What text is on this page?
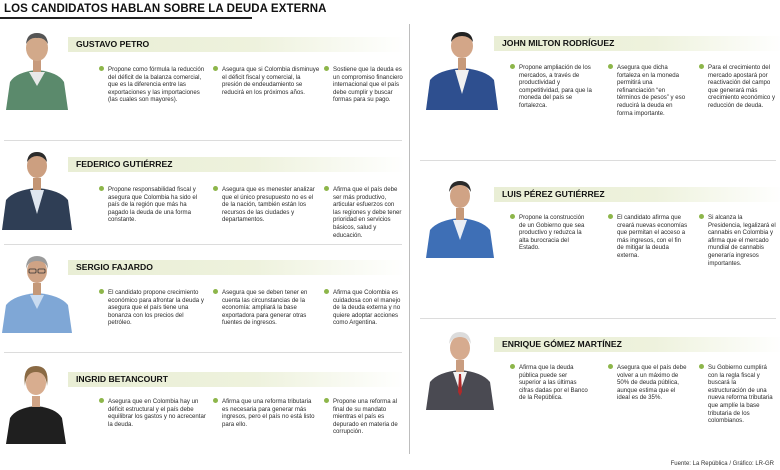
LOS CANDIDATOS HABLAN SOBRE LA DEUDA EXTERNA
GUSTAVO PETRO
Propone como fórmula la reducción del déficit de la balanza comercial, que es la diferencia entre las exportaciones y las importaciones (las cuales son mayores).
Asegura que si Colombia disminuye el déficit fiscal y comercial, la presión de endeudamiento se reducirá en los próximos años.
Sostiene que la deuda es un compromiso financiero internacional que el país debe cumplir y buscar formas para su pago.
FEDERICO GUTIÉRREZ
Propone responsabilidad fiscal y asegura que Colombia ha sido el país de la región que más ha pagado la deuda de una forma constante.
Asegura que es menester analizar que el único presupuesto no es el de la nación, también están los recursos de las ciudades y departamentos.
Afirma que el país debe ser más productivo, articular esfuerzos con las regiones y debe tener prioridad en servicios básicos, salud y educación.
SERGIO FAJARDO
El candidato propone crecimiento económico para afrontar la deuda y asegura que el país tiene una bonanza con los precios del petróleo.
Asegura que se deben tener en cuenta las circunstancias de la economía: ampliará la base exportadora para generar otras fuentes de ingresos.
Afirma que Colombia es cuidadosa con el manejo de la deuda externa y no quiere adoptar acciones como Argentina.
INGRID BETANCOURT
Asegura que en Colombia hay un déficit estructural y el país debe equilibrar los gastos y no acrecentar la deuda.
Afirma que una reforma tributaria es necesaria para generar más ingresos, pero el país no está listo para ello.
Propone una reforma al final de su mandato mientras el país es depurado en materia de corrupción.
JOHN MILTON RODRÍGUEZ
Propone ampliación de los mercados, a través de productividad y competitividad, para que la moneda del país se fortalezca.
Asegura que dicha fortaleza en la moneda permitirá una refinanciación “en términos de pesos” y eso reducirá la deuda en forma importante.
Para el crecimiento del mercado apostará por reactivación del campo que generará más crecimiento económico y reducción de deuda.
LUIS PÉREZ GUTIÉRREZ
Propone la construcción de un Gobierno que sea productivo y reduzca la alta burocracia del Estado.
El candidato afirma que creará nuevas economías que permitan el acceso a más ingresos, con el fin de mitigar la deuda externa.
Si alcanza la Presidencia, legalizará el cannabis en Colombia y afirma que el mercado mundial de cannabis generaría ingresos importantes.
ENRIQUE GÓMEZ MARTÍNEZ
Afirma que la deuda pública puede ser superior a las últimas cifras dadas por el Banco de la República.
Asegura que el país debe volver a un máximo de 50% de deuda pública, aunque estima que el ideal es de 35%.
Su Gobierno cumplirá con la regla fiscal y buscará la estructuración de una nueva reforma tributaria que amplíe la base tributaria de los colombianos.
Fuente: La República / Gráfico: LR-GR
